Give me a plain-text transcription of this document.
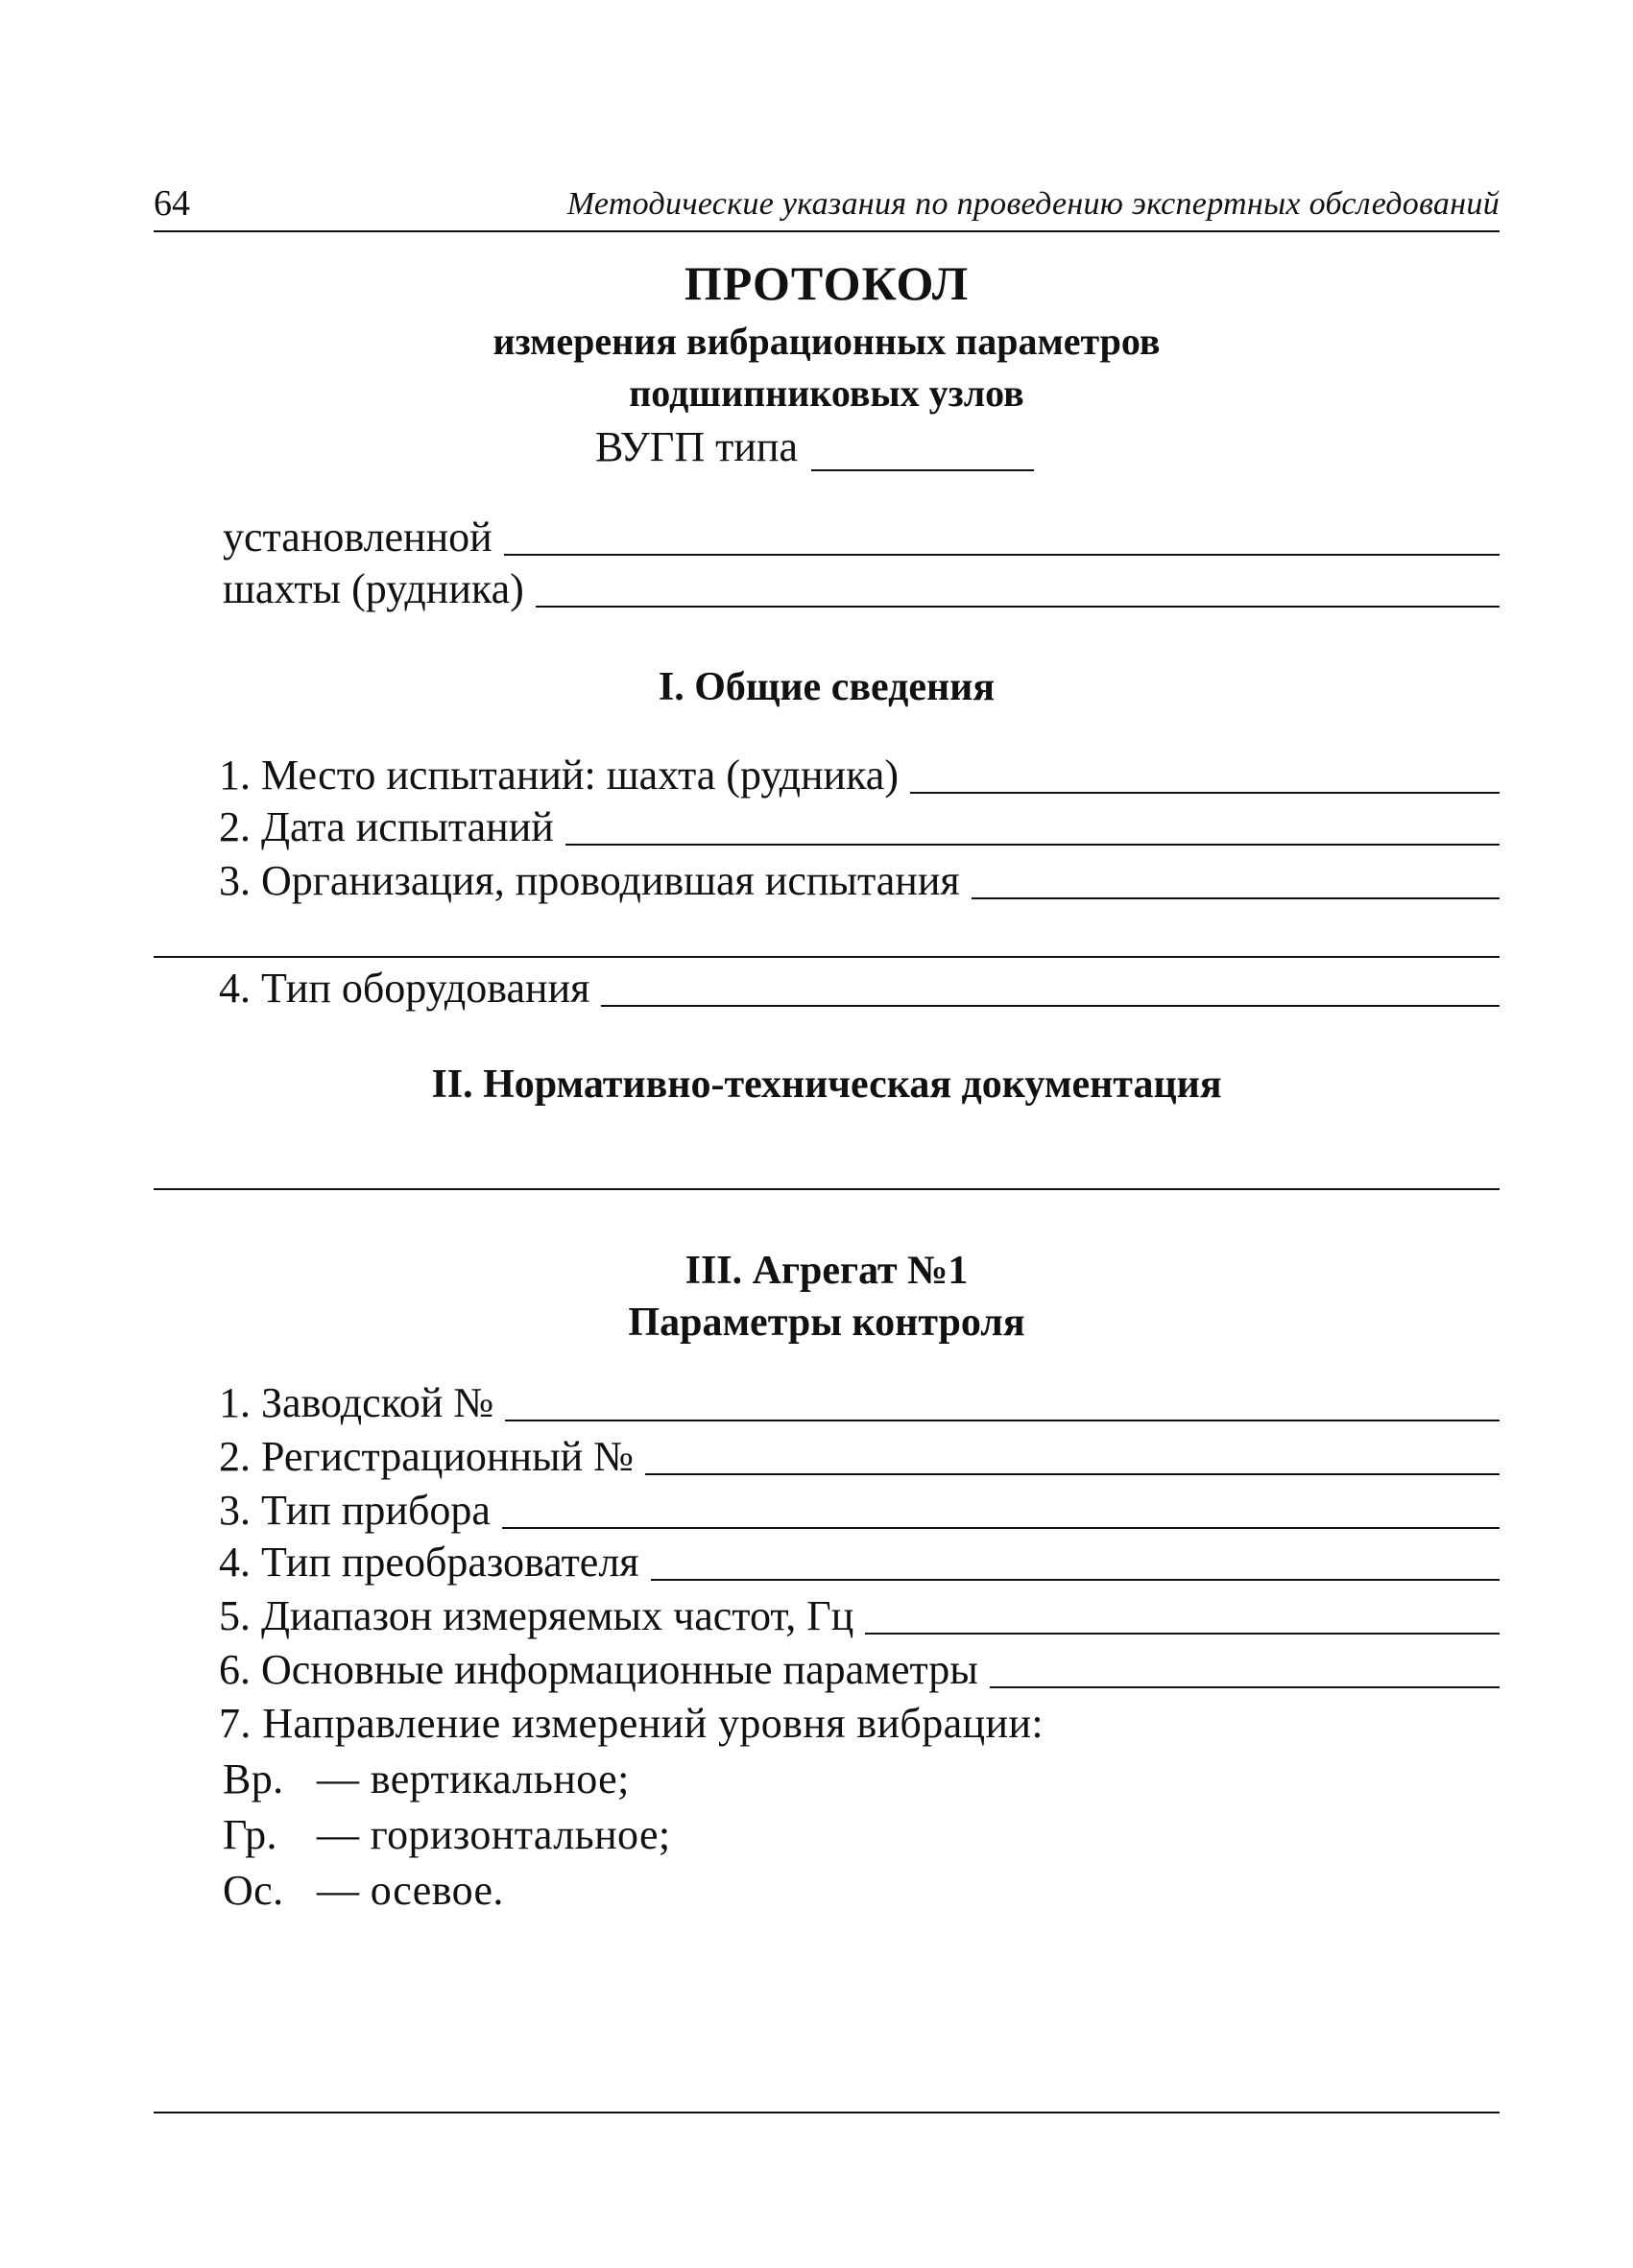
64	Методические указания по проведению экспертных обследований
ПРОТОКОЛ
измерения вибрационных параметров
подшипниковых узлов
ВУГП типа
установленной
шахты (рудника)
I. Общие сведения
1. Место испытаний: шахта (рудника)
2. Дата испытаний
3. Организация, проводившая испытания
4. Тип оборудования
II. Нормативно-техническая документация
III. Агрегат №1
Параметры контроля
1. Заводской №
2. Регистрационный №
3. Тип прибора
4. Тип преобразователя
5. Диапазон измеряемых частот, Гц
6. Основные информационные параметры
7. Направление измерений уровня вибрации:
Вр. — вертикальное;
Гр. — горизонтальное;
Ос. — осевое.
